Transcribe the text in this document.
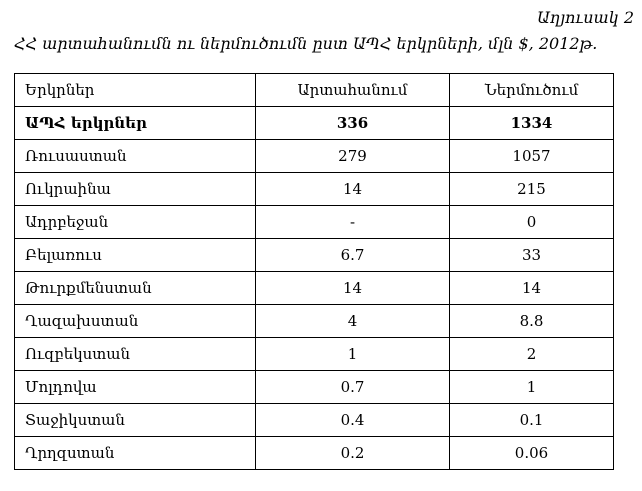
Աղյուսակ 2
ՀՀ արտահանումն ու ներմուծումն ըստ ԱՊՀ երկրների, մլն $, 2012թ.
Երկրներ	Արտահանում	Ներմուծում
ԱՊՀ երկրներ	336	1334
Ռուսաստան	279	1057
Ուկրաինա	14	215
Ադրբեջան	-	0
Բելառուս	6.7	33
Թուրքմենստան	14	14
Ղազախստան	4	8.8
Ուզբեկստան	1	2
Մոլդովա	0.7	1
Տաջիկստան	0.4	0.1
Ղրղզստան	0.2	0.06
